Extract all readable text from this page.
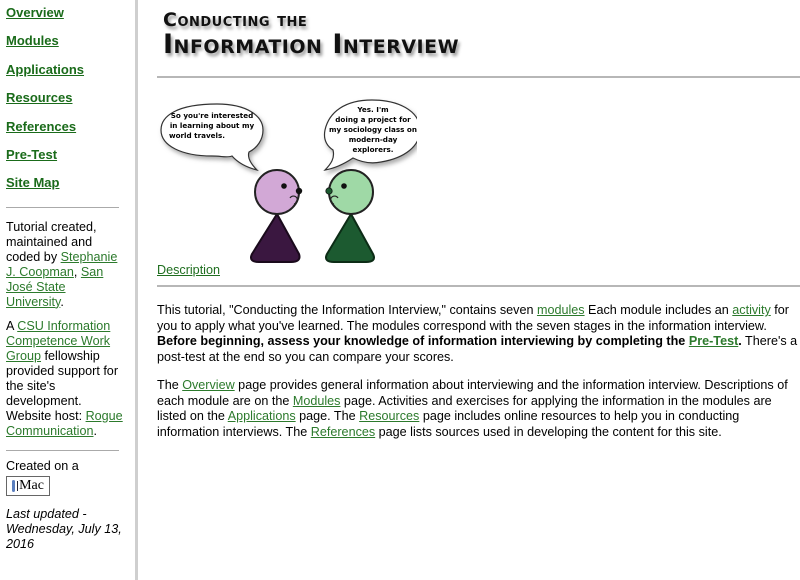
Overview
Modules
Applications
Resources
References
Pre-Test
Site Map

Tutorial created, maintained and coded by Stephanie J. Coopman, San José State University.

A CSU Information Competence Work Group fellowship provided support for the site's development. Website host: Rogue Communication.

Created on a
Mac
Last updated - Wednesday, July 13, 2016
Conducting the
Information Interview
So you're interested
in learning about my
world travels.
Yes. I'm
doing a project for
my sociology class on
modern-day
explorers.
Description

This tutorial, "Conducting the Information Interview," contains seven modules Each module includes an activity for you to apply what you've learned. The modules correspond with the seven stages in the information interview. Before beginning, assess your knowledge of information interviewing by completing the Pre-Test. There's a post-test at the end so you can compare your scores.

The Overview page provides general information about interviewing and the information interview. Descriptions of each module are on the Modules page. Activities and exercises for applying the information in the modules are listed on the Applications page. The Resources page includes online resources to help you in conducting information interviews. The References page lists sources used in developing the content for this site.
